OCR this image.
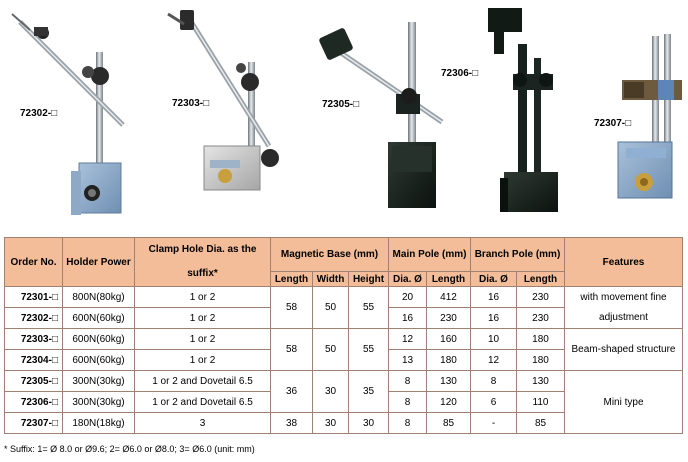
72302-□
72303-□	72305-□
72306-□
72307-□
Order No.	Holder Power	Clamp Hole Dia. as the suffix*	Magnetic Base (mm)			Main Pole (mm)		Branch Pole (mm)		Features
			Length	Width	Height	Dia. Ø	Length	Dia. Ø	Length	
72301-□	800N(80kg)	1 or 2	58	50	55	20	412	16	230	with movement fine
adjustment

72302-□	600N(60kg)	1 or 2				16	230	16	230	
72303-□	600N(60kg)	1 or 2	58	50	55	12	160	10	180	Beam-shaped structure
72304-□	600N(60kg)	1 or 2				13	180	12	180	
72305-□	300N(30kg)	1 or 2 and Dovetail 6.5	36	30	35	8	130	8	130	Mini type
72306-□	300N(30kg)	1 or 2 and Dovetail 6.5				8	120	6	110	
72307-□	180N(18kg)	3	38	30	30	8	85	-	85	
* Suffix: 1= Ø 8.0 or Ø9.6; 2= Ø6.0 or Ø8.0; 3= Ø6.0 (unit: mm)
